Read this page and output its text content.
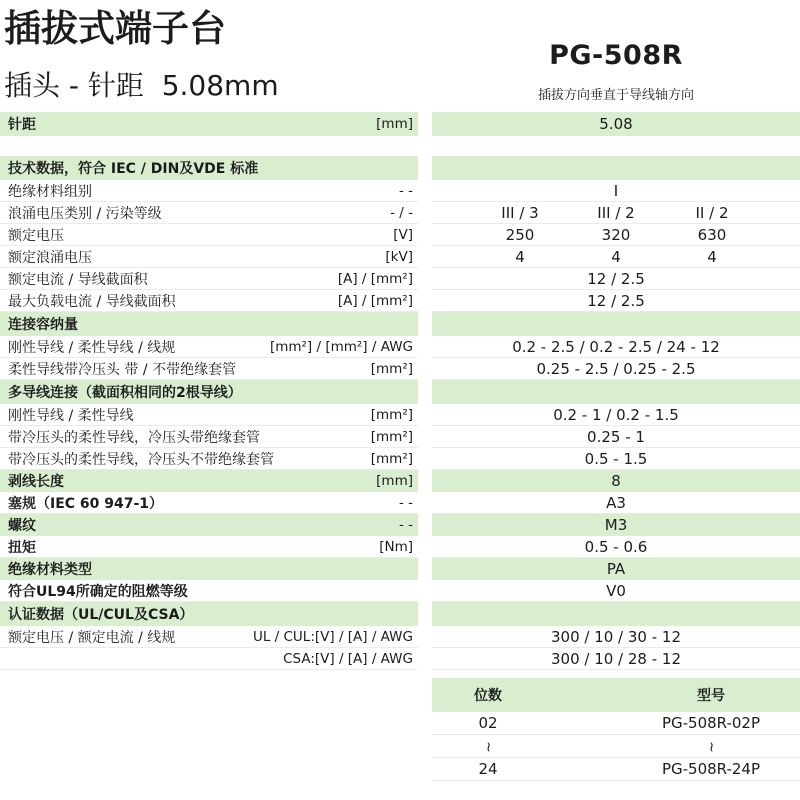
插拔式端子台
插头 - 针距  5.08mm
PG-508R
插拔方向垂直于导线轴方向
针距	[mm]	5.08
技术数据，符合 IEC / DIN及VDE 标准
绝缘材料组别	- -	I
浪涌电压类别 / 污染等级	- / -	III / 3	III / 2	II / 2
额定电压	[V]	250	320	630
额定浪涌电压	[kV]	4	4	4
额定电流 / 导线截面积	[A] / [mm²]	12 / 2.5
最大负载电流 / 导线截面积	[A] / [mm²]	12 / 2.5
连接容纳量
刚性导线 / 柔性导线 / 线规	[mm²] / [mm²] / AWG	0.2 - 2.5 / 0.2 - 2.5 / 24 - 12
柔性导线带冷压头 带 / 不带绝缘套管	[mm²]	0.25 - 2.5 / 0.25 - 2.5
多导线连接（截面积相同的2根导线）
刚性导线 / 柔性导线	[mm²]	0.2 - 1 / 0.2 - 1.5
带冷压头的柔性导线，冷压头带绝缘套管	[mm²]	0.25 - 1
带冷压头的柔性导线，冷压头不带绝缘套管	[mm²]	0.5 - 1.5
剥线长度	[mm]	8
塞规（IEC 60 947-1）	- -	A3
螺纹	- -	M3
扭矩	[Nm]	0.5 - 0.6
绝缘材料类型	PA
符合UL94所确定的阻燃等级	V0
认证数据（UL/CUL及CSA）
额定电压 / 额定电流 / 线规	UL / CUL:[V] / [A] / AWG	300 / 10 / 30 - 12
CSA:[V] / [A] / AWG	300 / 10 / 28 - 12
位数	型号
02	PG-508R-02P
~	~
24	PG-508R-24P
